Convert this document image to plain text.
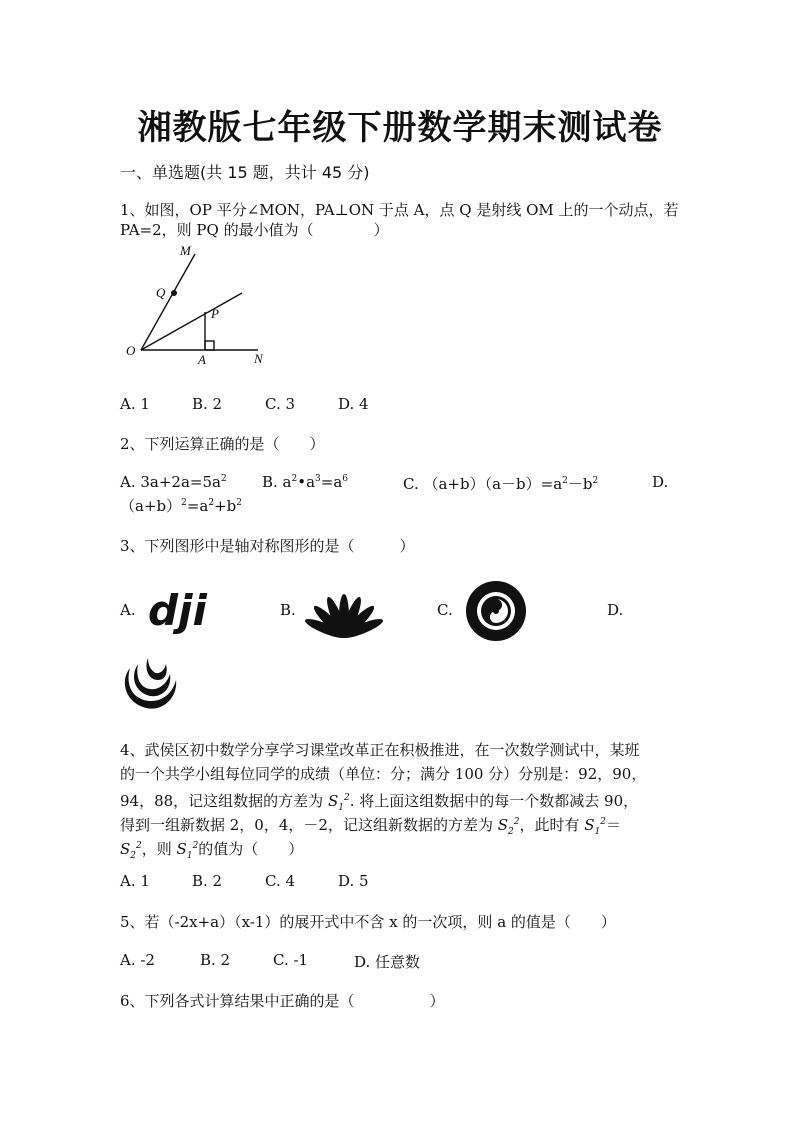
湘教版七年级下册数学期末测试卷
一、单选题(共 15 题，共计 45 分)
1、如图，OP 平分∠MON，PA⊥ON 于点 A，点 Q 是射线 OM 上的一个动点，若
PA=2，则 PQ 的最小值为（　　　　）
M
Q
P
O
A	N
A. 1	B. 2	C. 3	D. 4
2、下列运算正确的是（　　）
A. $3a+2a=5a^2$ B. $a^2•a^3=a^6$	C. $(a+b)(a-b)=a^2-b^2$	D.
$(a+b)^2=a^2+b^2$
3、下列图形中是轴对称图形的是（　　　）
A. dji	B.	C.	D.
4、武侯区初中数学分享学习课堂改革正在积极推进，在一次数学测试中，某班
的一个共学小组每位同学的成绩（单位：分；满分 100 分）分别是：92，90，
94，88，记这组数据的方差为 $S_1^2$. 将上面这组数据中的每一个数都减去 90，
得到一组新数据 2，0，4，－2，记这组新数据的方差为 $S_2^2$，此时有 $S_1^2=$
$S_2^2$，则 $S_1^2$的值为（　　）
A. 1	B. 2	C. 4	D. 5
5、若（-2x+a）（x-1）的展开式中不含 x 的一次项，则 a 的值是（　　）
A. -2	B. 2	C. -1	D. 任意数
6、下列各式计算结果中正确的是（　　　　　）
